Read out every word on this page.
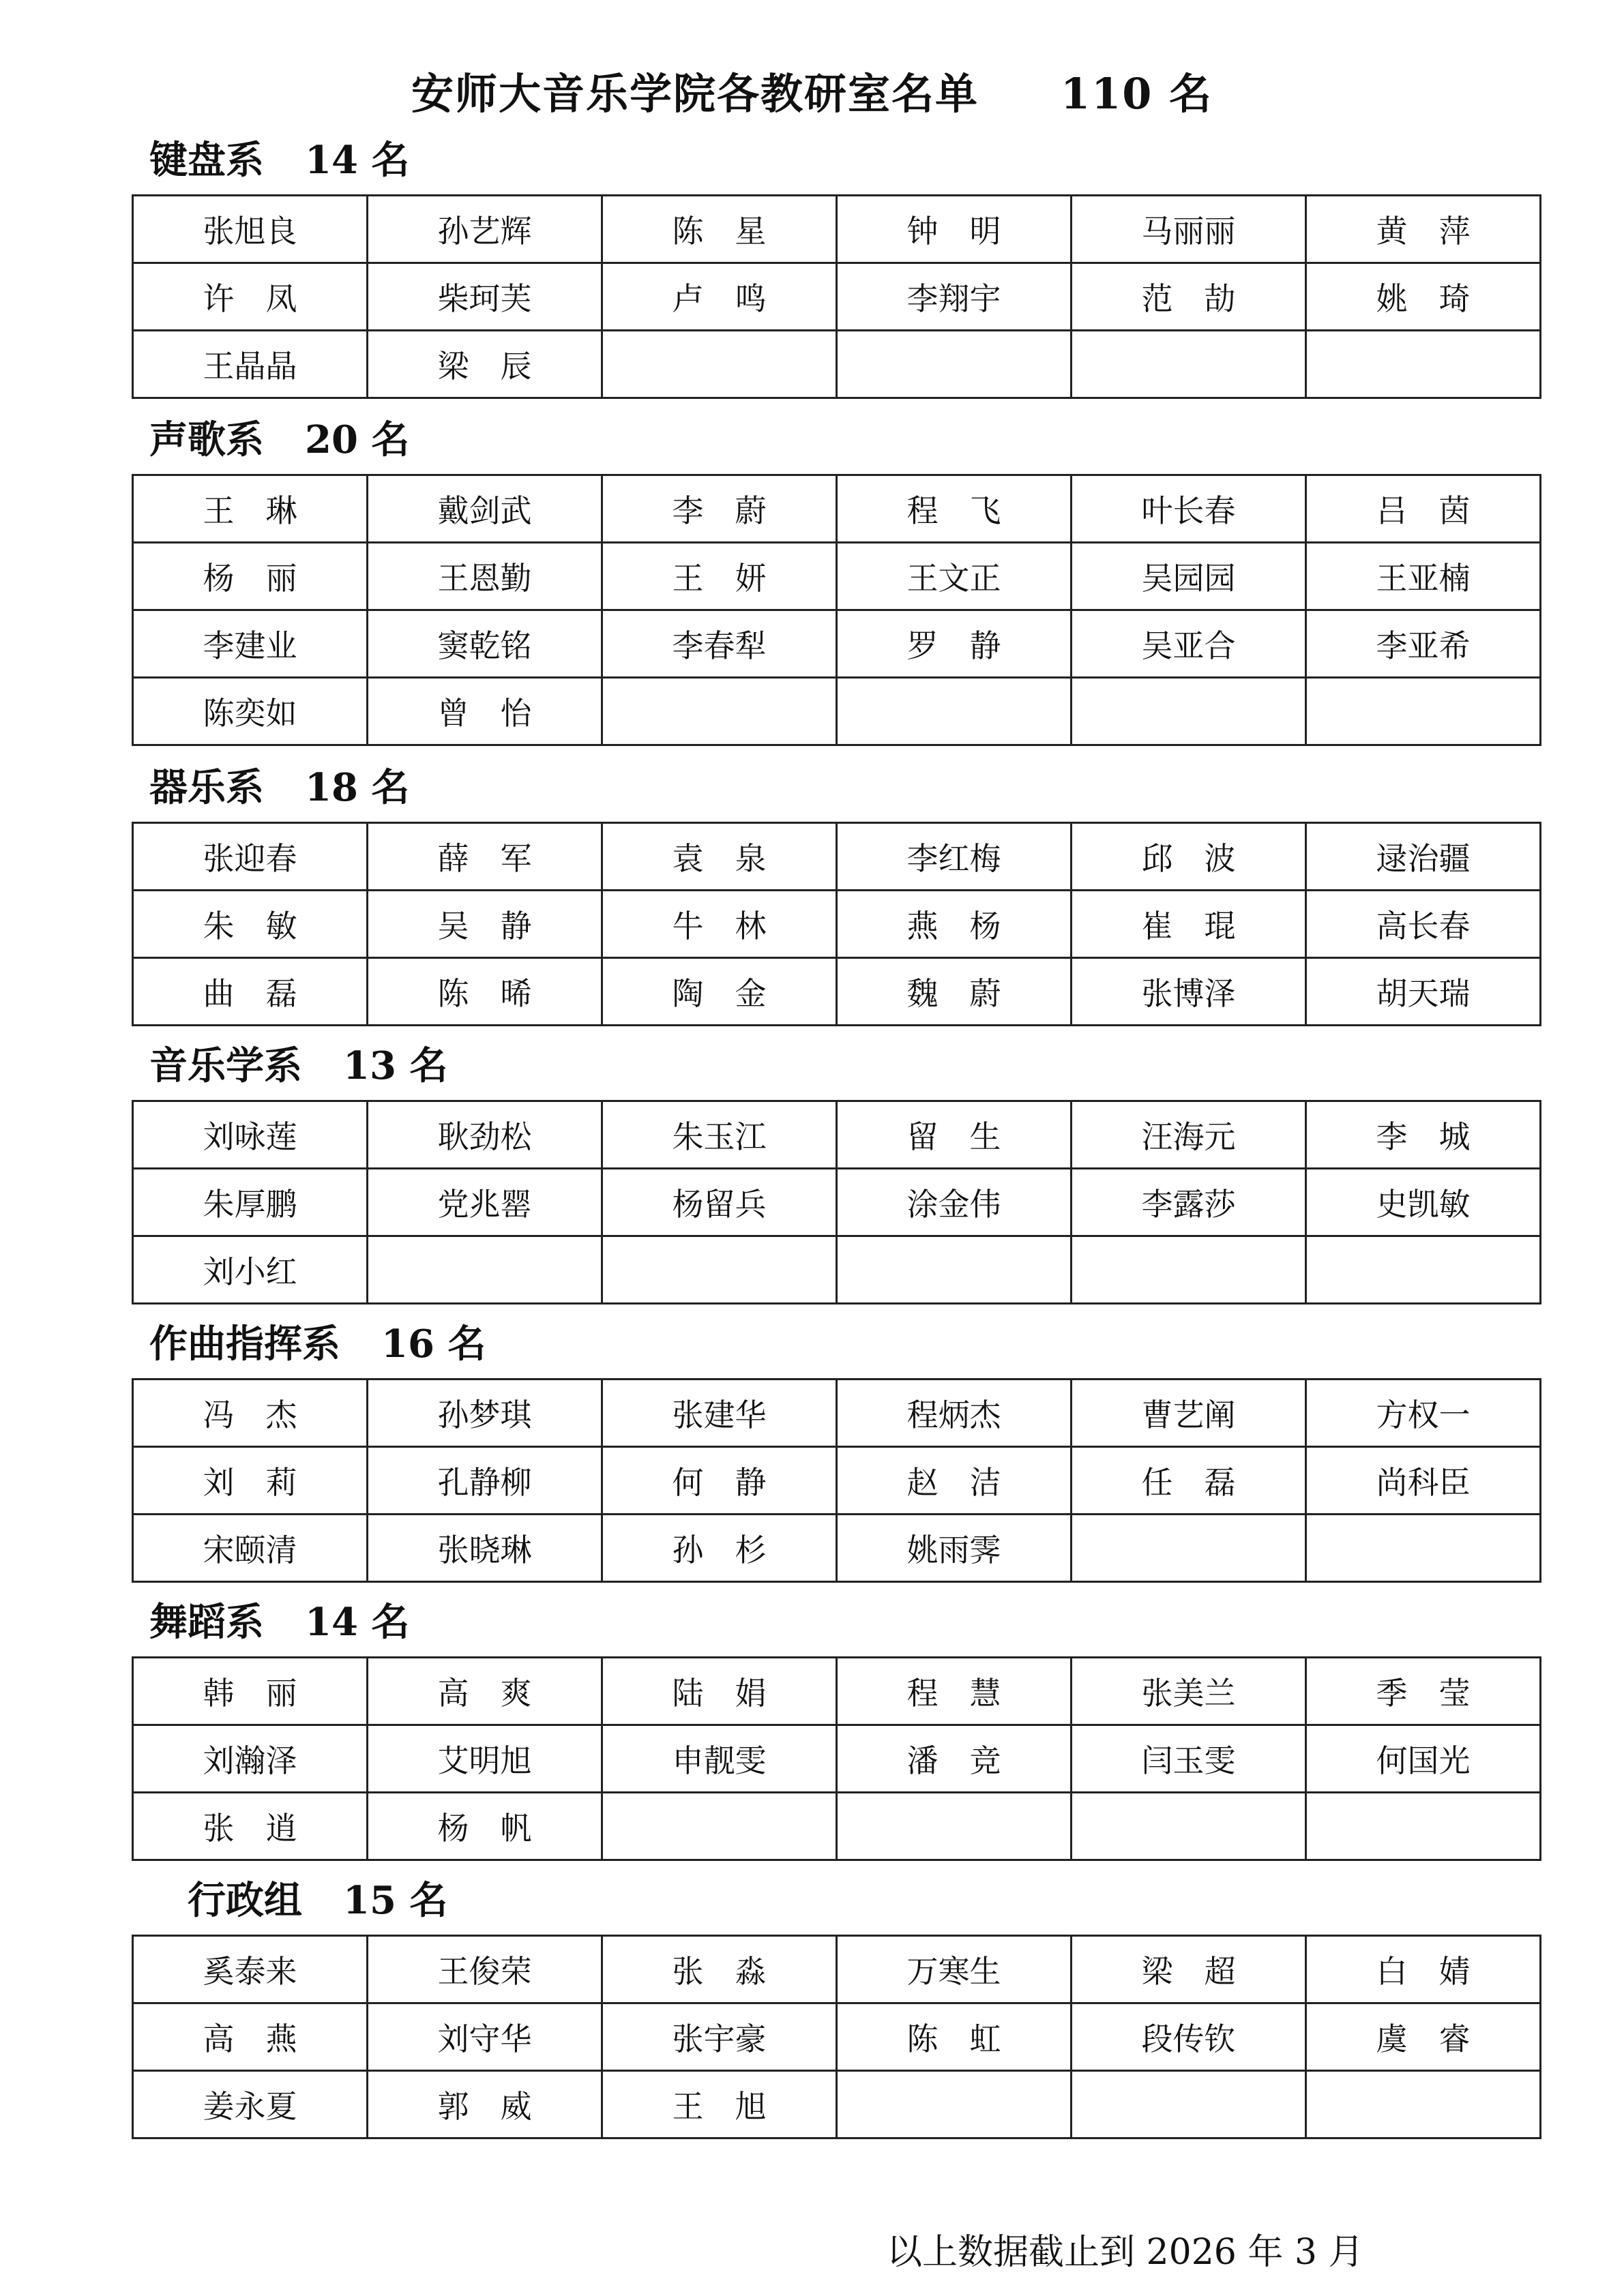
安师大音乐学院各教研室名单 110 名
键盘系 14 名
张旭良	孙艺辉	陈　星	钟　明	马丽丽	黄　萍
许　凤	柴珂芙	卢　鸣	李翔宇	范　劼	姚　琦
王晶晶	梁　辰				
声歌系 20 名
王　琳	戴剑武	李　蔚	程　飞	叶长春	吕　茵
杨　丽	王恩勤	王　妍	王文正	吴园园	王亚楠
李建业	窦乾铭	李春犁	罗　静	吴亚合	李亚希
陈奕如	曾　怡				
器乐系 18 名
张迎春	薛　军	袁　泉	李红梅	邱　波	逯治疆
朱　敏	吴　静	牛　林	燕　杨	崔　琨	高长春
曲　磊	陈　晞	陶　金	魏　蔚	张博泽	胡天瑞
音乐学系 13 名
刘咏莲	耿劲松	朱玉江	留　生	汪海元	李　城
朱厚鹏	党兆罂	杨留兵	涂金伟	李露莎	史凯敏
刘小红					
作曲指挥系 16 名
冯　杰	孙梦琪	张建华	程炳杰	曹艺阐	方权一
刘　莉	孔静柳	何　静	赵　洁	任　磊	尚科臣
宋颐清	张晓琳	孙　杉	姚雨霁		
舞蹈系 14 名
韩　丽	高　爽	陆　娟	程　慧	张美兰	季　莹
刘瀚泽	艾明旭	申靓雯	潘　竞	闫玉雯	何国光
张　逍	杨　帆				
行政组 15 名
奚泰来	王俊荣	张　淼	万寒生	梁　超	白　婧
高　燕	刘守华	张宇豪	陈　虹	段传钦	虞　睿
姜永夏	郭　威	王　旭			
以上数据截止到 2026 年 3 月
